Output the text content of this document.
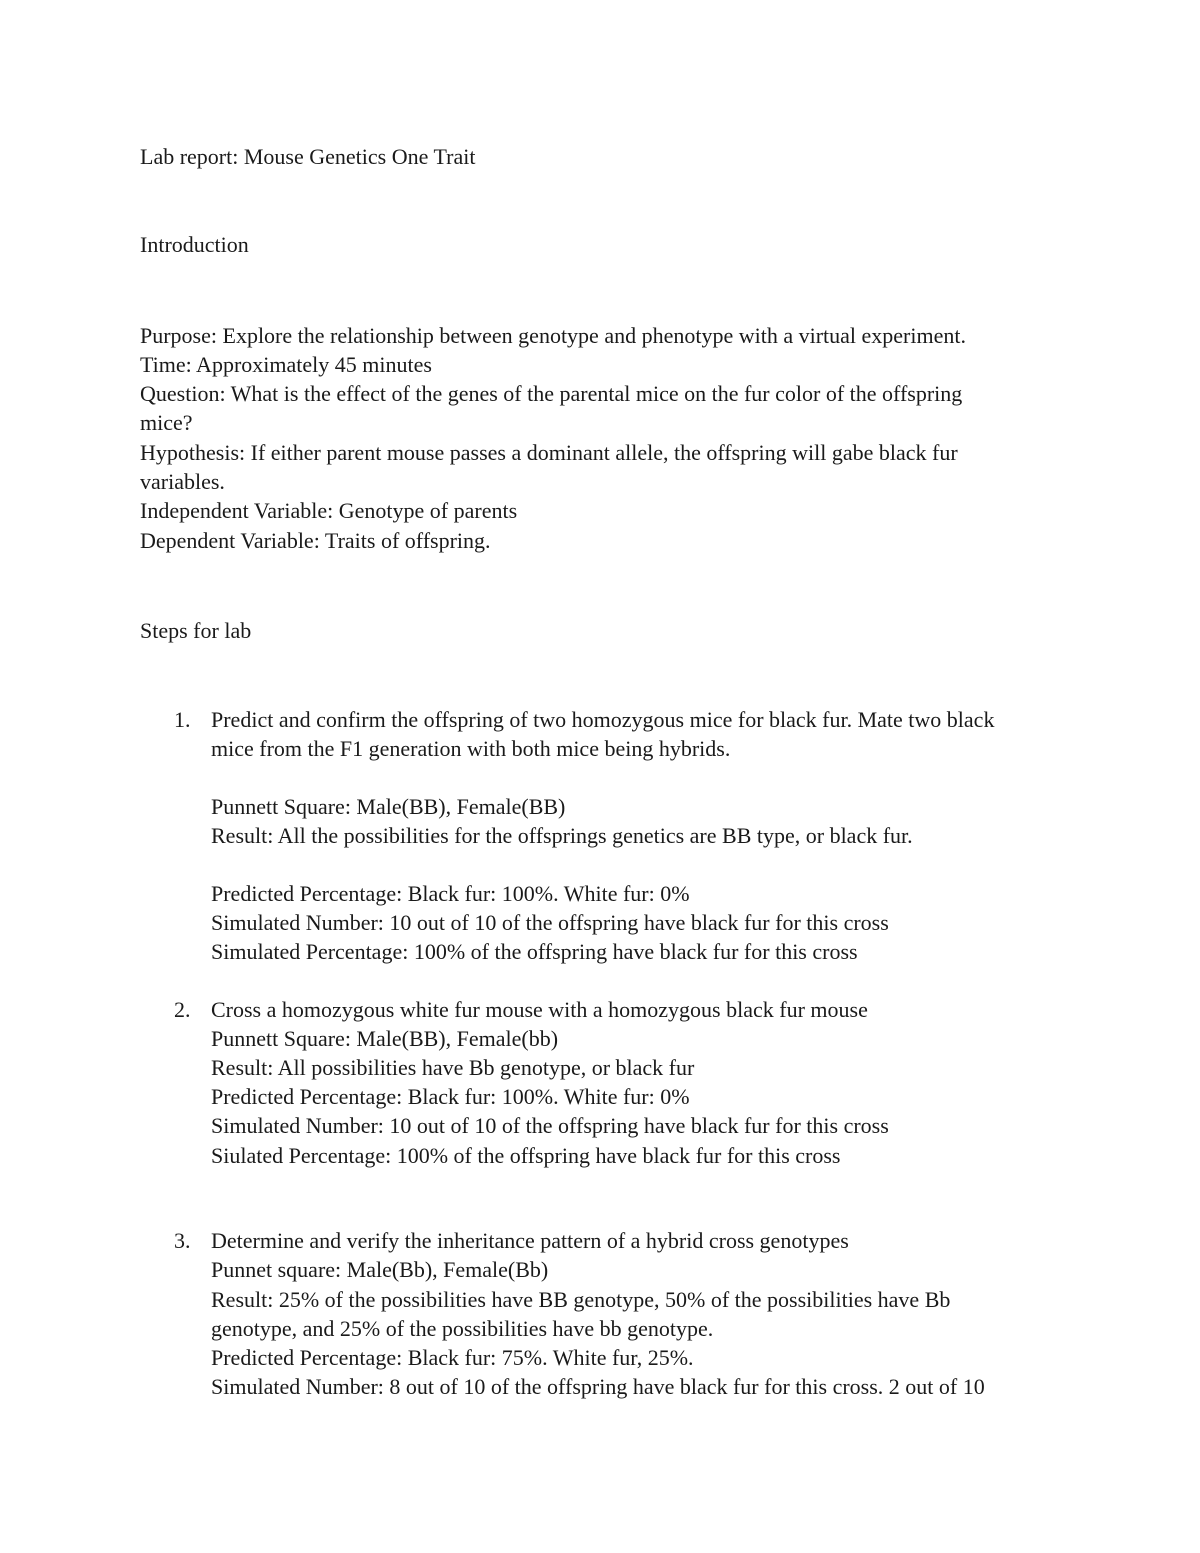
Lab report: Mouse Genetics One Trait
Introduction
Purpose: Explore the relationship between genotype and phenotype with a virtual experiment.
Time: Approximately 45 minutes
Question: What is the effect of the genes of the parental mice on the fur color of the offspring
mice?
Hypothesis: If either parent mouse passes a dominant allele, the offspring will gabe black fur
variables.
Independent Variable: Genotype of parents
Dependent Variable: Traits of offspring.
Steps for lab
1. Predict and confirm the offspring of two homozygous mice for black fur. Mate two black
mice from the F1 generation with both mice being hybrids.
Punnett Square: Male(BB), Female(BB)
Result: All the possibilities for the offsprings genetics are BB type, or black fur.
Predicted Percentage: Black fur: 100%. White fur: 0%
Simulated Number: 10 out of 10 of the offspring have black fur for this cross
Simulated Percentage: 100% of the offspring have black fur for this cross
2. Cross a homozygous white fur mouse with a homozygous black fur mouse
Punnett Square: Male(BB), Female(bb)
Result: All possibilities have Bb genotype, or black fur
Predicted Percentage: Black fur: 100%. White fur: 0%
Simulated Number: 10 out of 10 of the offspring have black fur for this cross
Siulated Percentage: 100% of the offspring have black fur for this cross
3. Determine and verify the inheritance pattern of a hybrid cross genotypes
Punnet square: Male(Bb), Female(Bb)
Result: 25% of the possibilities have BB genotype, 50% of the possibilities have Bb
genotype, and 25% of the possibilities have bb genotype.
Predicted Percentage: Black fur: 75%. White fur, 25%.
Simulated Number: 8 out of 10 of the offspring have black fur for this cross. 2 out of 10
